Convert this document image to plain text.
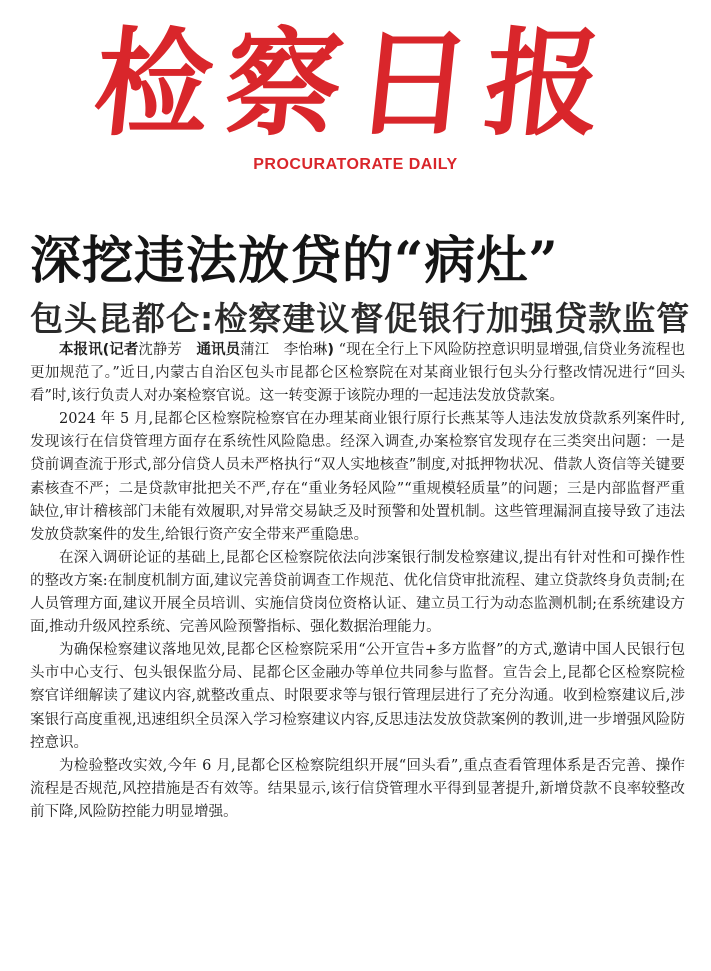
检察日报
PROCURATORATE DAILY
深挖违法放贷的“病灶”
包头昆都仑:检察建议督促银行加强贷款监管

本报讯(记者沈静芳　 通讯员蒲江　李怡琳) “现在全行上下风险防控意识明显增强,信贷业务流程也更加规范了。”近日,内蒙古自治区包头市昆都仑区检察院在对某商业银行包头分行整改情况进行“回头看”时,该行负责人对办案检察官说。这一转变源于该院办理的一起违法发放贷款案。

2024 年 5 月,昆都仑区检察院检察官在办理某商业银行原行长燕某等人违法发放贷款系列案件时,发现该行在信贷管理方面存在系统性风险隐患。经深入调查,办案检察官发现存在三类突出问题：一是贷前调查流于形式,部分信贷人员未严格执行“双人实地核查”制度,对抵押物状况、借款人资信等关键要素核查不严；二是贷款审批把关不严,存在“重业务轻风险”“重规模轻质量”的问题；三是内部监督严重缺位,审计稽核部门未能有效履职,对异常交易缺乏及时预警和处置机制。这些管理漏洞直接导致了违法发放贷款案件的发生,给银行资产安全带来严重隐患。

在深入调研论证的基础上,昆都仑区检察院依法向涉案银行制发检察建议,提出有针对性和可操作性的整改方案:在制度机制方面,建议完善贷前调查工作规范、优化信贷审批流程、建立贷款终身负责制;在人员管理方面,建议开展全员培训、实施信贷岗位资格认证、建立员工行为动态监测机制;在系统建设方面,推动升级风控系统、完善风险预警指标、强化数据治理能力。

为确保检察建议落地见效,昆都仑区检察院采用“公开宣告+多方监督”的方式,邀请中国人民银行包头市中心支行、包头银保监分局、昆都仑区金融办等单位共同参与监督。宣告会上,昆都仑区检察院检察官详细解读了建议内容,就整改重点、时限要求等与银行管理层进行了充分沟通。收到检察建议后,涉案银行高度重视,迅速组织全员深入学习检察建议内容,反思违法发放贷款案例的教训,进一步增强风险防控意识。

为检验整改实效,今年 6 月,昆都仑区检察院组织开展“回头看”,重点查看管理体系是否完善、操作流程是否规范,风控措施是否有效等。结果显示,该行信贷管理水平得到显著提升,新增贷款不良率较整改前下降,风险防控能力明显增强。
